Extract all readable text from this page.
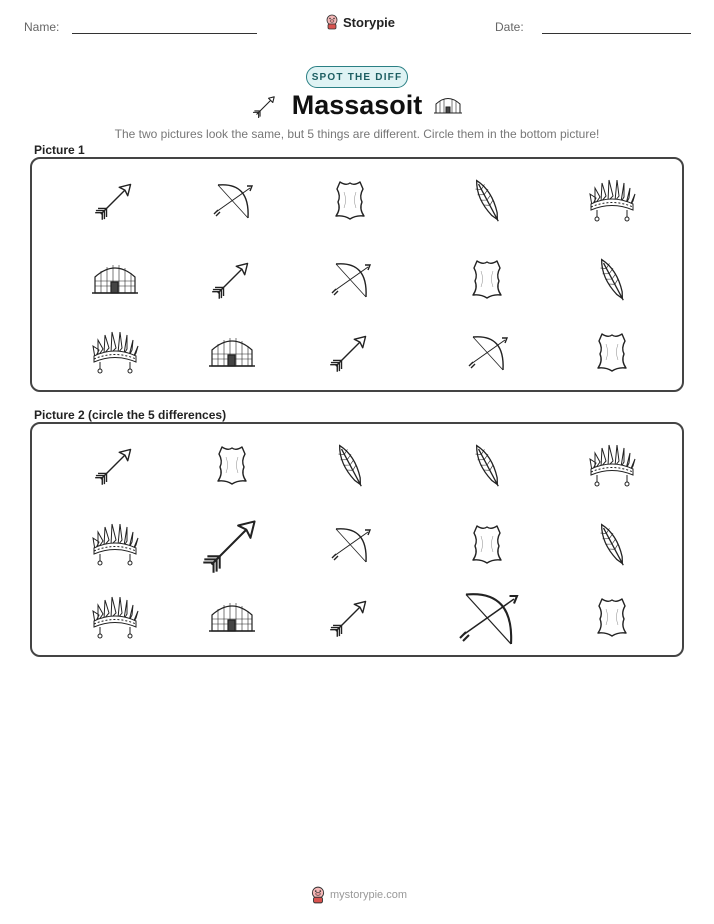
Name:	Storypie	Date:
SPOT THE DIFF
Massasoit
The two pictures look the same, but 5 things are different. Circle them in the bottom picture!
Picture 1
Picture 2 (circle the 5 differences)
mystorypie.com
